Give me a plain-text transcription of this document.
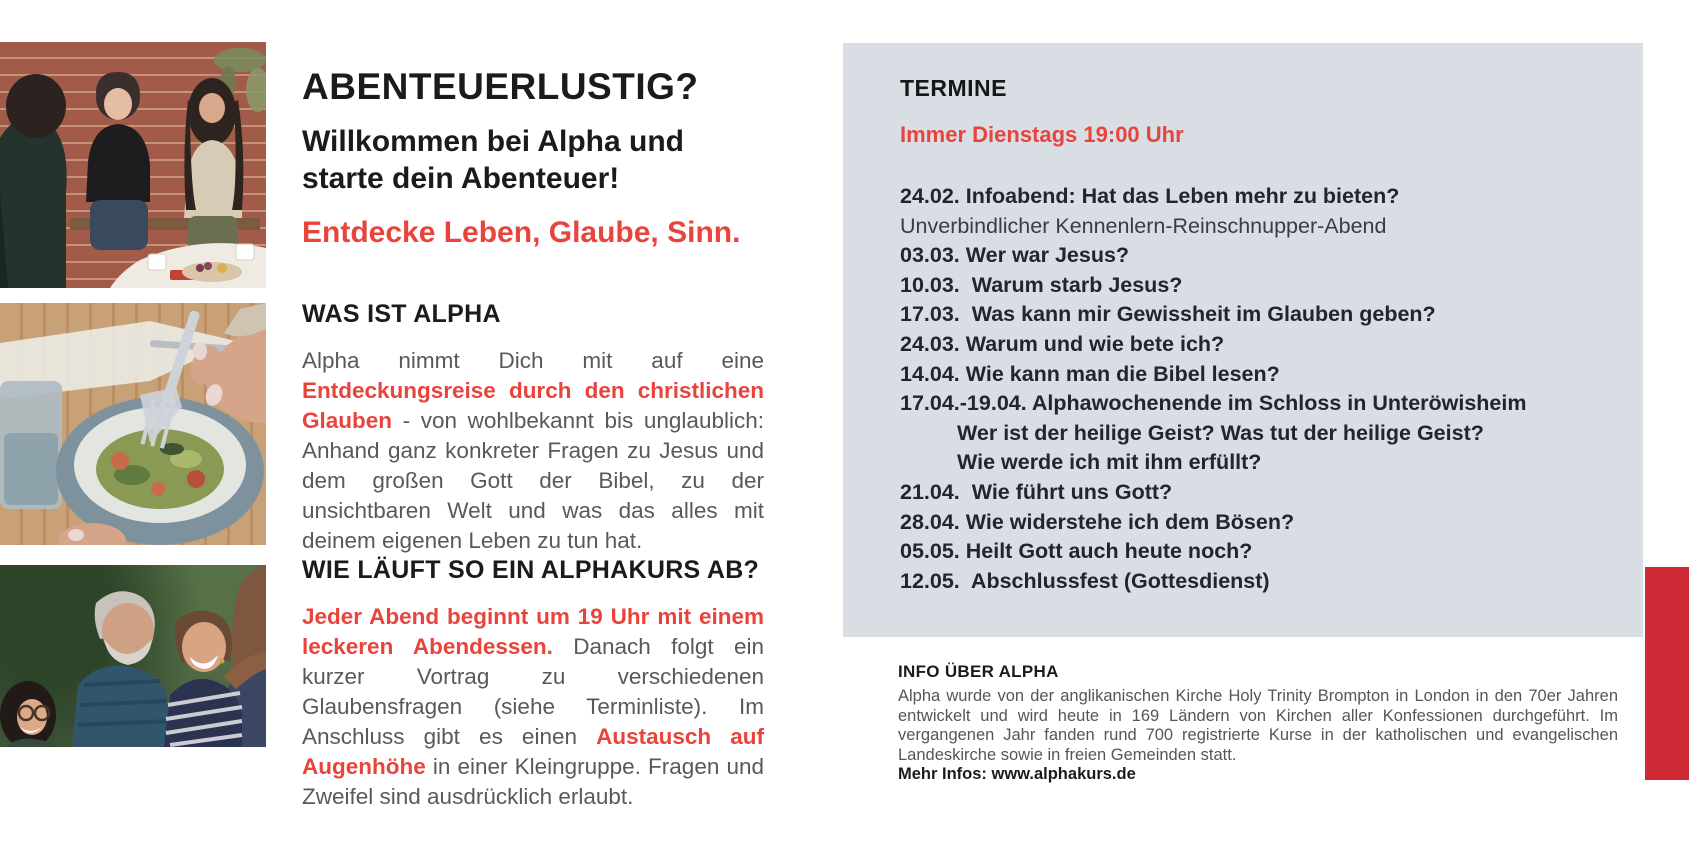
ABENTEUERLUSTIG?
Willkommen bei Alpha und starte dein Abenteuer!
Entdecke Leben, Glaube, Sinn.
WAS IST ALPHA

Alpha nimmt Dich mit auf eine Entdeckungsreise durch den christlichen Glauben - von wohlbekannt bis unglaublich: Anhand ganz konkreter Fragen zu Jesus und dem großen Gott der Bibel, zu der unsichtbaren Welt und was das alles mit deinem eigenen Leben zu tun hat.

WIE LÄUFT SO EIN ALPHAKURS AB?

Jeder Abend beginnt um 19 Uhr mit einem leckeren Abendessen. Danach folgt ein kurzer Vortrag zu verschiedenen Glaubensfragen (siehe Terminliste). Im Anschluss gibt es einen Austausch auf Augenhöhe in einer Kleingruppe. Fragen und Zweifel sind ausdrücklich erlaubt.

TERMINE

Immer Dienstags 19:00 Uhr

24.02. Infoabend: Hat das Leben mehr zu bieten?
Unverbindlicher Kennenlern-Reinschnupper-Abend
03.03. Wer war Jesus?
10.03.  Warum starb Jesus?
17.03.  Was kann mir Gewissheit im Glauben geben?
24.03. Warum und wie bete ich?
14.04. Wie kann man die Bibel lesen?
17.04.-19.04. Alphawochenende im Schloss in Unteröwisheim
Wer ist der heilige Geist? Was tut der heilige Geist?
Wie werde ich mit ihm erfüllt?
21.04.  Wie führt uns Gott?
28.04. Wie widerstehe ich dem Bösen?
05.05. Heilt Gott auch heute noch?
12.05.  Abschlussfest (Gottesdienst)
INFO ÜBER ALPHA

Alpha wurde von der anglikanischen Kirche Holy Trinity Brompton in London in den 70er Jahren entwickelt und wird heute in 169 Ländern von Kirchen aller Konfessionen durchgeführt. Im vergangenen Jahr fanden rund 700 registrierte Kurse in der katholischen und evangelischen Landeskirche sowie in freien Gemeinden statt.

Mehr Infos: www.alphakurs.de
